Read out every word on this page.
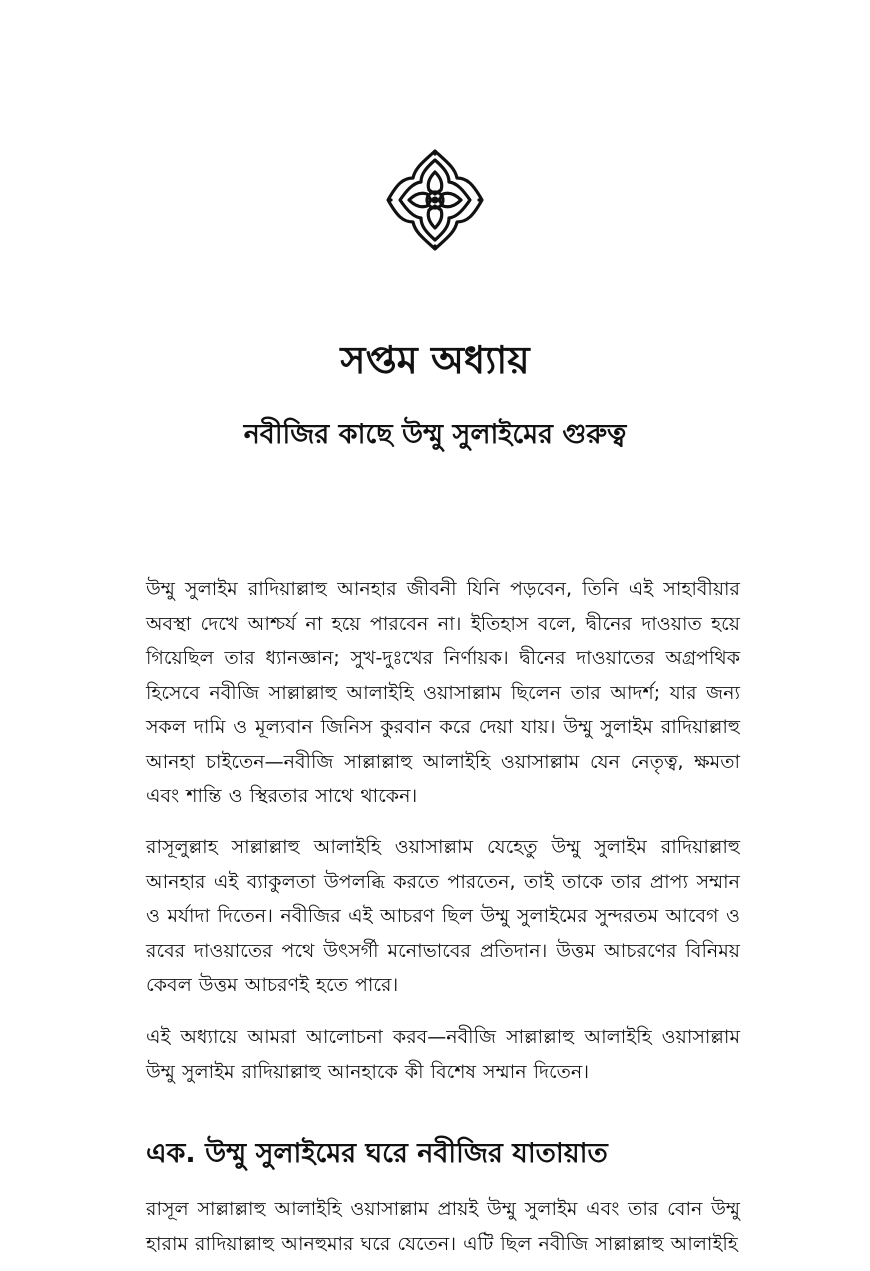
সপ্তম অধ্যায়
নবীজির কাছে উম্মু সুলাইমের গুরুত্ব

উম্মু সুলাইম রাদিয়াল্লাহু আনহার জীবনী যিনি পড়বেন, তিনি এই সাহাবীয়ার অবস্থা দেখে আশ্চর্য না হয়ে পারবেন না। ইতিহাস বলে, দ্বীনের দাওয়াত হয়ে গিয়েছিল তার ধ্যানজ্ঞান; সুখ-দুঃখের নির্ণায়ক। দ্বীনের দাওয়াতের অগ্রপথিক হিসেবে নবীজি সাল্লাল্লাহু আলাইহি ওয়াসাল্লাম ছিলেন তার আদর্শ; যার জন্য সকল দামি ও মূল্যবান জিনিস কুরবান করে দেয়া যায়। উম্মু সুলাইম রাদিয়াল্লাহু আনহা চাইতেন—নবীজি সাল্লাল্লাহু আলাইহি ওয়াসাল্লাম যেন নেতৃত্ব, ক্ষমতা এবং শান্তি ও স্থিরতার সাথে থাকেন।

রাসূলুল্লাহ সাল্লাল্লাহু আলাইহি ওয়াসাল্লাম যেহেতু উম্মু সুলাইম রাদিয়াল্লাহু আনহার এই ব্যাকুলতা উপলব্ধি করতে পারতেন, তাই তাকে তার প্রাপ্য সম্মান ও মর্যাদা দিতেন। নবীজির এই আচরণ ছিল উম্মু সুলাইমের সুন্দরতম আবেগ ও রবের দাওয়াতের পথে উৎসর্গী মনোভাবের প্রতিদান। উত্তম আচরণের বিনিময় কেবল উত্তম আচরণই হতে পারে।

এই অধ্যায়ে আমরা আলোচনা করব—নবীজি সাল্লাল্লাহু আলাইহি ওয়াসাল্লাম উম্মু সুলাইম রাদিয়াল্লাহু আনহাকে কী বিশেষ সম্মান দিতেন।

এক. উম্মু সুলাইমের ঘরে নবীজির যাতায়াত

রাসূল সাল্লাল্লাহু আলাইহি ওয়াসাল্লাম প্রায়ই উম্মু সুলাইম এবং তার বোন উম্মু হারাম রাদিয়াল্লাহু আনহুমার ঘরে যেতেন। এটি ছিল নবীজি সাল্লাল্লাহু আলাইহি
